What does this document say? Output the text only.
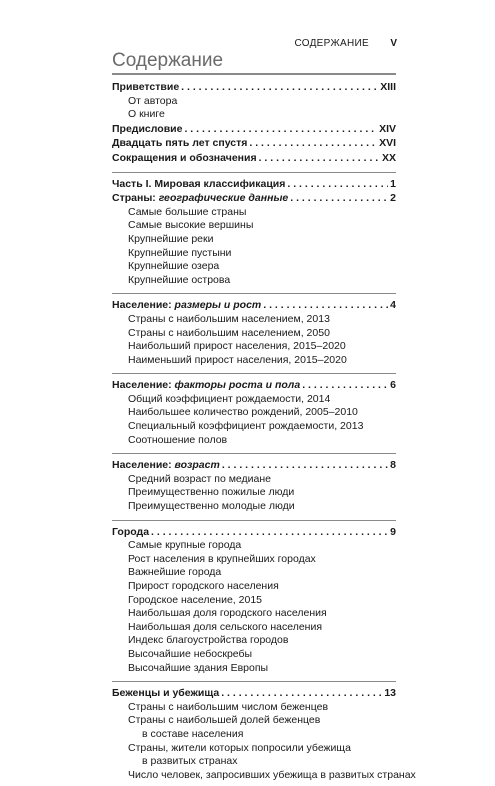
СОДЕРЖАНИЕ V
Содержание
Приветствие . . .	XIII
От автора
О книге
Предисловие . . .	XIV
Двадцать пять лет спустя . . .	XVI
Сокращения и обозначения . . .	XX
Часть I. Мировая классификация . . .	1
Страны: географические данные . . .	2
Самые большие страны
Самые высокие вершины
Крупнейшие реки
Крупнейшие пустыни
Крупнейшие озера
Крупнейшие острова
Население: размеры и рост . . .	4
Страны с наибольшим населением, 2013
Страны с наибольшим населением, 2050
Наибольший прирост населения, 2015–2020
Наименьший прирост населения, 2015–2020
Население: факторы роста и пола . . .	6
Общий коэффициент рождаемости, 2014
Наибольшее количество рождений, 2005–2010
Специальный коэффициент рождаемости, 2013
Соотношение полов
Население: возраст . . .	8
Средний возраст по медиане
Преимущественно пожилые люди
Преимущественно молодые люди
Города . . .	9
Самые крупные города
Рост населения в крупнейших городах
Важнейшие города
Прирост городского населения
Городское население, 2015
Наибольшая доля городского населения
Наибольшая доля сельского населения
Индекс благоустройства городов
Высочайшие небоскребы
Высочайшие здания Европы
Беженцы и убежища . . .	13
Страны с наибольшим числом беженцев
Страны с наибольшей долей беженцев
в составе населения
Страны, жители которых попросили убежища
в развитых странах
Число человек, запросивших убежища в развитых странах
